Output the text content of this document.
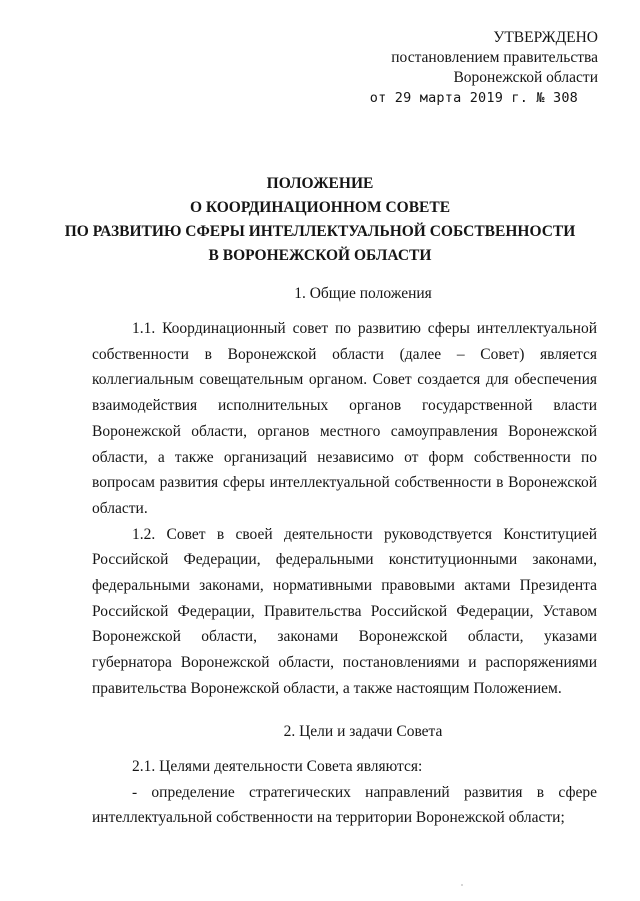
УТВЕРЖДЕНО
постановлением правительства
Воронежской области
от 29 марта 2019 г. № 308
ПОЛОЖЕНИЕ
О КООРДИНАЦИОННОМ СОВЕТЕ
ПО РАЗВИТИЮ СФЕРЫ ИНТЕЛЛЕКТУАЛЬНОЙ СОБСТВЕННОСТИ
В ВОРОНЕЖСКОЙ ОБЛАСТИ
1. Общие положения

1.1. Координационный совет по развитию сферы интеллектуальной собственности в Воронежской области (далее – Совет) является коллегиальным совещательным органом. Совет создается для обеспечения взаимодействия исполнительных органов государственной власти Воронежской области, органов местного самоуправления Воронежской области, а также организаций независимо от форм собственности по вопросам развития сферы интеллектуальной собственности в Воронежской области.

1.2. Совет в своей деятельности руководствуется Конституцией Российской Федерации, федеральными конституционными законами, федеральными законами, нормативными правовыми актами Президента Российской Федерации, Правительства Российской Федерации, Уставом Воронежской области, законами Воронежской области, указами губернатора Воронежской области, постановлениями и распоряжениями правительства Воронежской области, а также настоящим Положением.

2. Цели и задачи Совета

2.1. Целями деятельности Совета являются:

- определение стратегических направлений развития в сфере интеллектуальной собственности на территории Воронежской области;
